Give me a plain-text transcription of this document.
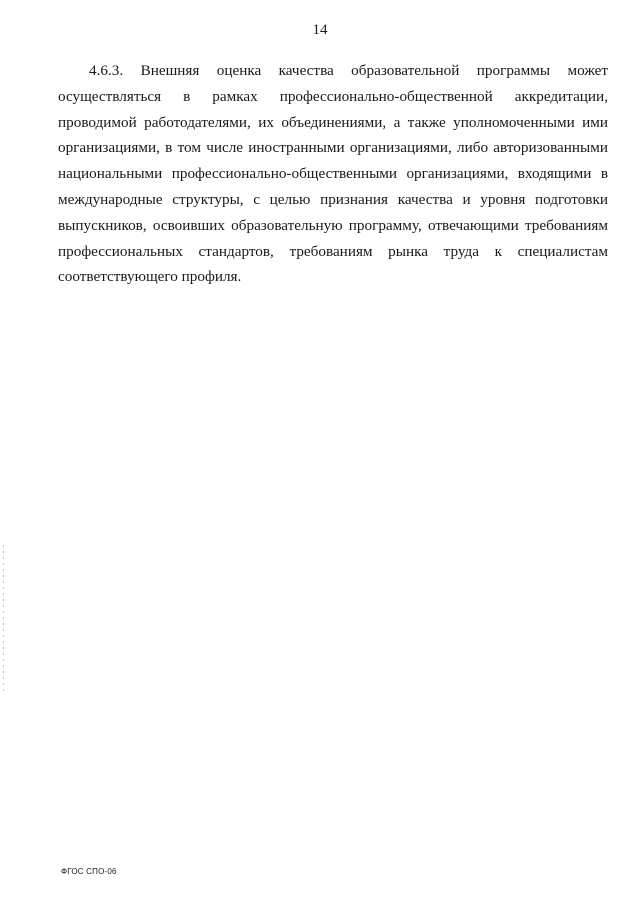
14
4.6.3. Внешняя оценка качества образовательной программы может
осуществляться в рамках профессионально-общественной аккредитации,
проводимой работодателями, их объединениями, а также уполномоченными ими
организациями, в том числе иностранными организациями, либо авторизованными
национальными профессионально-общественными организациями, входящими в
международные структуры, с целью признания качества и уровня подготовки
выпускников, освоивших образовательную программу, отвечающими требованиям
профессиональных стандартов, требованиям рынка труда к специалистам
соответствующего профиля.
ФГОС СПО-06
